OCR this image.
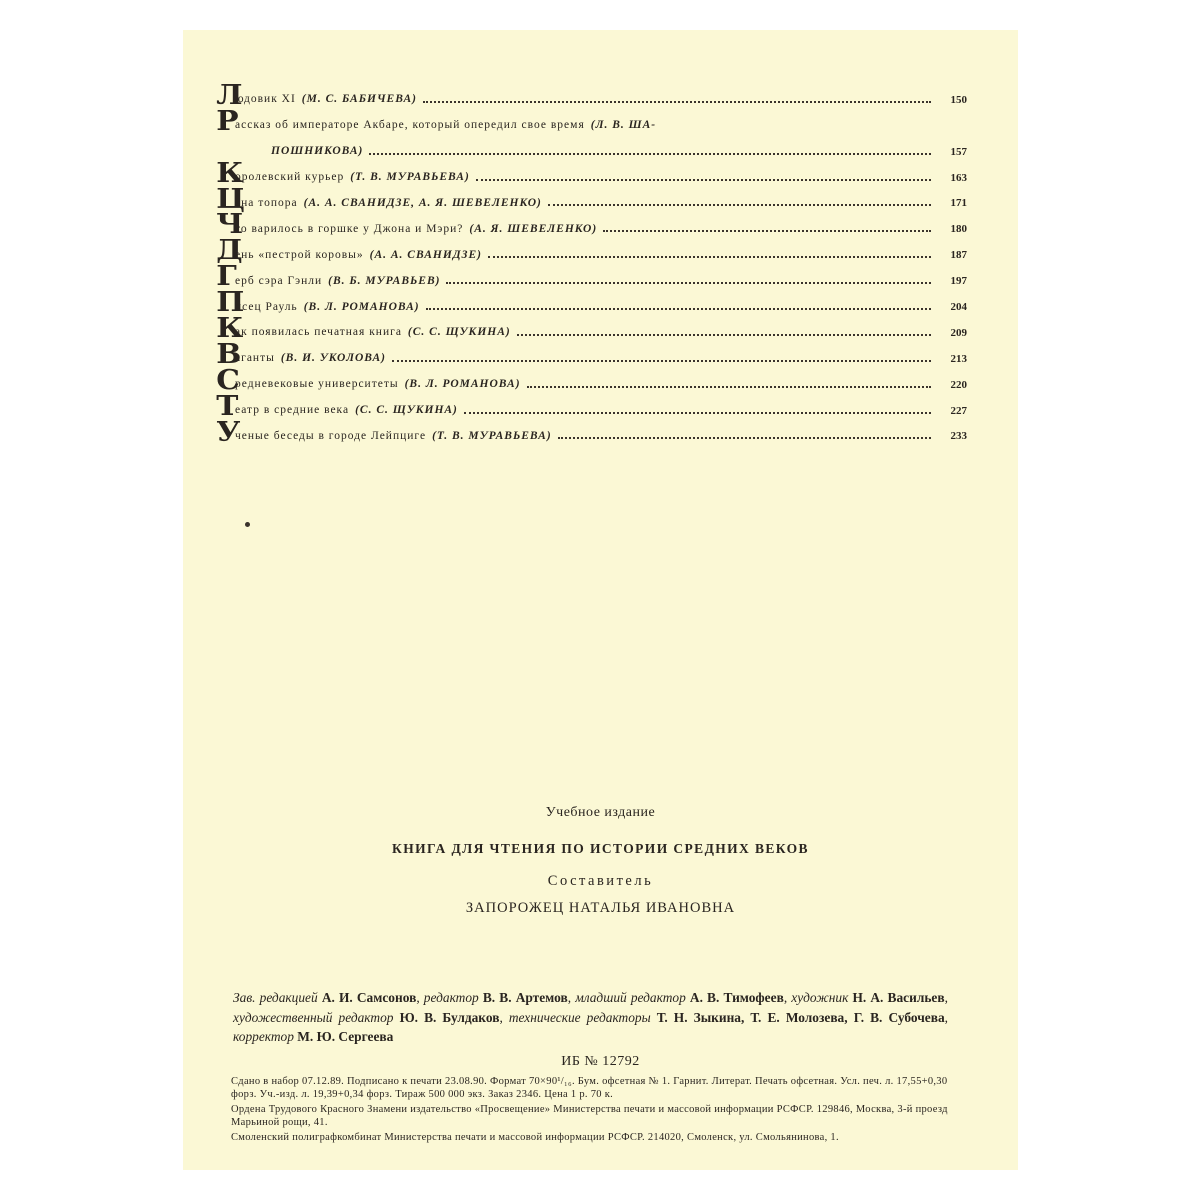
Л
юдовик XI (М. С. БАБИЧЕВА)	150
Р
ассказ об императоре Акбаре, который опередил свое время (Л. В. ША-
ПОШНИКОВА)	157
К
оролевский курьер (Т. В. МУРАВЬЕВА)	163
Ц
ена топора (А. А. СВАНИДЗЕ, А. Я. ШЕВЕЛЕНКО)	171
Ч
то варилось в горшке у Джона и Мэри? (А. Я. ШЕВЕЛЕНКО)	180
Д
ень «пестрой коровы» (А. А. СВАНИДЗЕ)	187
Г
ерб сэра Гэнли (В. Б. МУРАВЬЕВ)	197
П
исец Рауль (В. Л. РОМАНОВА)	204
К
ак появилась печатная книга (С. С. ЩУКИНА)	209
В
аганты (В. И. УКОЛОВА)	213
С
редневековые университеты (В. Л. РОМАНОВА)	220
Т
еатр в средние века (С. С. ЩУКИНА)	227
У
ченые беседы в городе Лейпциге (Т. В. МУРАВЬЕВА)	233
Учебное издание
КНИГА ДЛЯ ЧТЕНИЯ ПО ИСТОРИИ СРЕДНИХ ВЕКОВ
Составитель
ЗАПОРОЖЕЦ НАТАЛЬЯ ИВАНОВНА
Зав. редакцией А. И. Самсонов, редактор В. В. Артемов, младший редактор А. В. Тимофеев, художник Н. А. Васильев, художественный редактор Ю. В. Булдаков, технические редакторы Т. Н. Зыкина, Т. Е. Молозева, Г. В. Субочева, корректор М. Ю. Сергеева
ИБ № 12792

Сдано в набор 07.12.89. Подписано к печати 23.08.90. Формат 70×90¹/₁₆. Бум. офсетная № 1. Гарнит. Литерат. Печать офсетная. Усл. печ. л. 17,55+0,30 форз. Уч.-изд. л. 19,39+0,34 форз. Тираж 500 000 экз. Заказ 2346. Цена 1 р. 70 к.

Ордена Трудового Красного Знамени издательство «Просвещение» Министерства печати и массовой информации РСФСР. 129846, Москва, 3-й проезд Марьиной рощи, 41.

Смоленский полиграфкомбинат Министерства печати и массовой информации РСФСР. 214020, Смоленск, ул. Смольянинова, 1.
